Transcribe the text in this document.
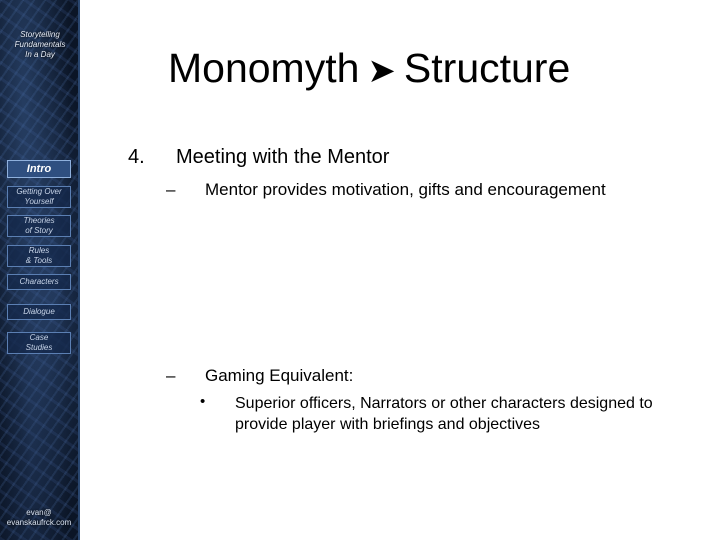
Storytelling
Fundamentals
In a Day
Intro
Getting Over
Yourself
Theories
of Story
Rules
& Tools
Characters
Dialogue
Case
Studies
evan@
evanskaufrck.com
Monomyth ➤ Structure
4. Meeting with the Mentor
– Mentor provides motivation, gifts and encouragement
– Gaming Equivalent:
• Superior officers, Narrators or other characters designed to provide player with briefings and objectives
